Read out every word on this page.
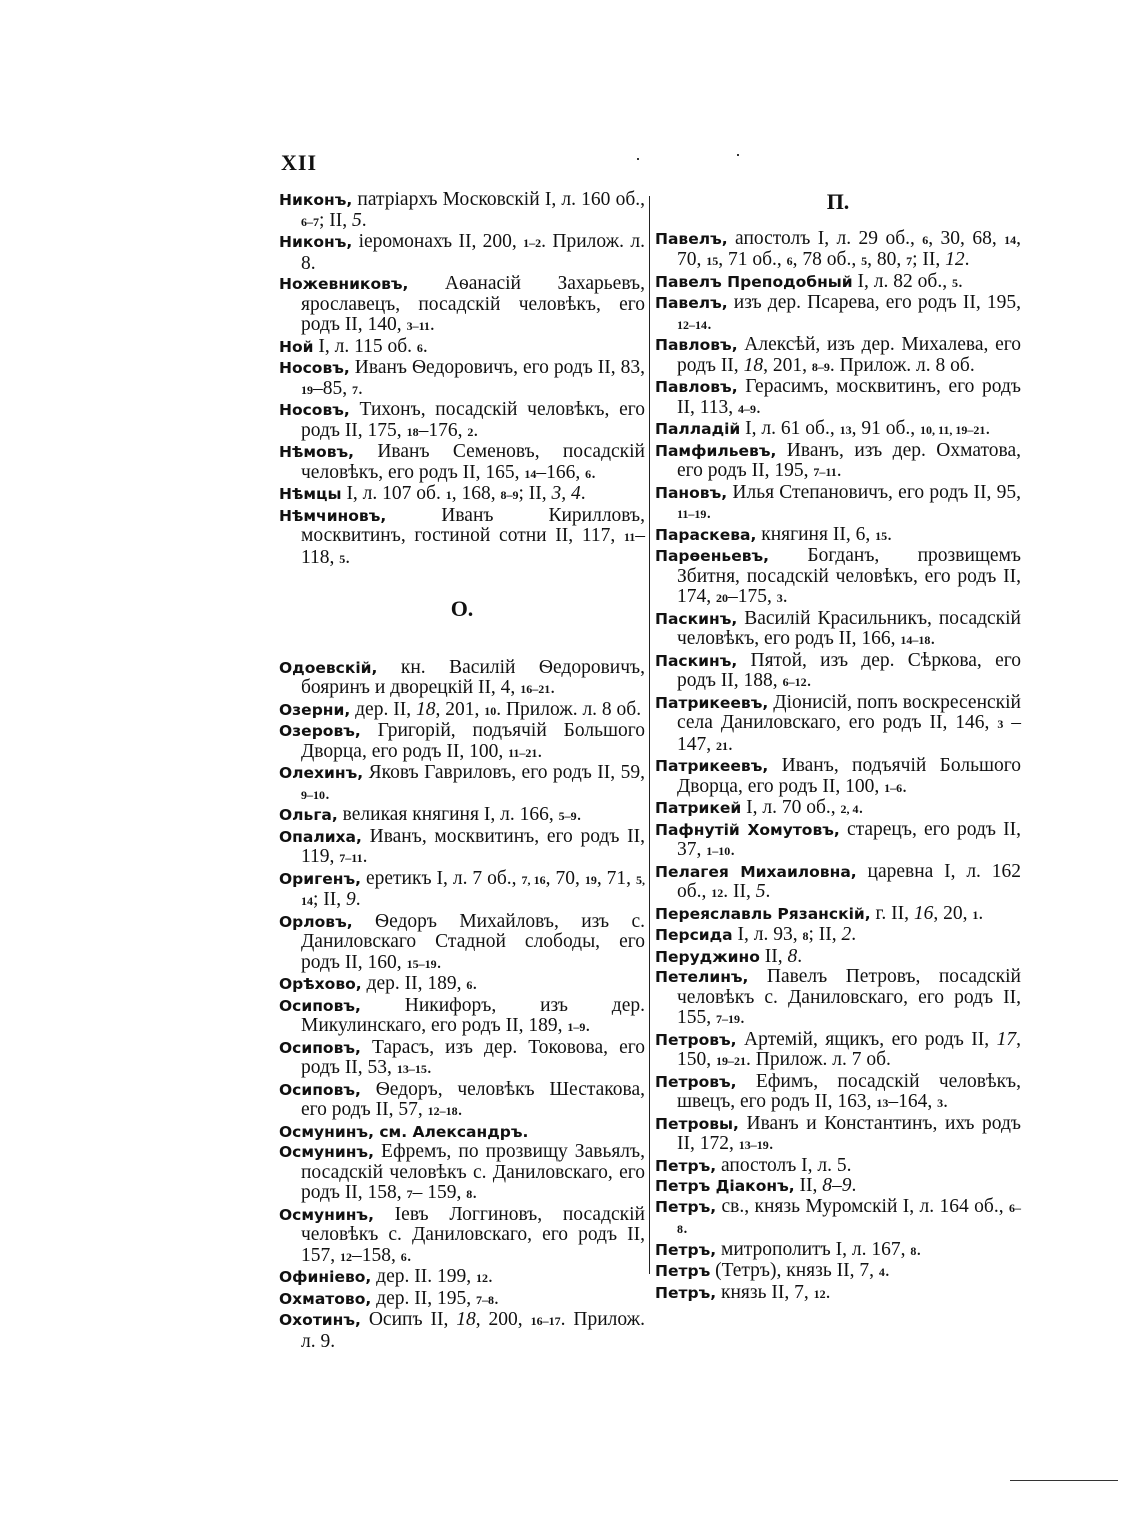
XII

Никонъ, патріархъ Московскій I, л. 160 об., 6–7; II, 5.

Никонъ, іеромонахъ II, 200, 1–2. Прилож. л. 8.

Ножевниковъ, Аѳанасій Захарьевъ, ярославецъ, посадскій человѣкъ, его родъ II, 140, 3–11.

Ной I, л. 115 об. 6.

Носовъ, Иванъ Ѳедоровичъ, его родъ II, 83, 19–85, 7.

Носовъ, Тихонъ, посадскій человѣкъ, его родъ II, 175, 18–176, 2.

Нѣмовъ, Иванъ Семеновъ, посадскій человѣкъ, его родъ II, 165, 14–166, 6.

Нѣмцы I, л. 107 об. 1, 168, 8–9; II, 3, 4.

Нѣмчиновъ, Иванъ Кирилловъ, москвитинъ, гостиной сотни II, 117, 11–118, 5.

О.

Одоевскій, кн. Василій Ѳедоровичъ, бояринъ и дворецкій II, 4, 16–21.

Озерни, дер. II, 18, 201, 10. Прилож. л. 8 об.

Озеровъ, Григорій, подъячій Большого Дворца, его родъ II, 100, 11–21.

Олехинъ, Яковъ Гавриловъ, его родъ II, 59, 9–10.

Ольга, великая княгиня I, л. 166, 5–9.

Опалиха, Иванъ, москвитинъ, его родъ II, 119, 7–11.

Оригенъ, еретикъ I, л. 7 об., 7, 16, 70, 19, 71, 5, 14; II, 9.

Орловъ, Ѳедоръ Михайловъ, изъ с. Даниловскаго Стадной слободы, его родъ II, 160, 15–19.

Орѣхово, дер. II, 189, 6.

Осиповъ, Никифоръ, изъ дер. Микулинскаго, его родъ II, 189, 1–9.

Осиповъ, Тарасъ, изъ дер. Токовова, его родъ II, 53, 13–15.

Осиповъ, Ѳедоръ, человѣкъ Шестакова, его родъ II, 57, 12–18.

Осмунинъ, см. Александръ.

Осмунинъ, Ефремъ, по прозвищу Завьялъ, посадскій человѣкъ с. Даниловскаго, его родъ II, 158, 7– 159, 8.

Осмунинъ, Іевъ Логгиновъ, посадскій человѣкъ с. Даниловскаго, его родъ II, 157, 12–158, 6.

Офиніево, дер. II. 199, 12.

Охматово, дер. II, 195, 7–8.

Охотинъ, Осипъ II, 18, 200, 16–17. Прилож. л. 9.

П.

Павелъ, апостолъ I, л. 29 об., 6, 30, 68, 14, 70, 15, 71 об., 6, 78 об., 5, 80, 7; II, 12.

Павелъ Преподобный I, л. 82 об., 5.

Павелъ, изъ дер. Псарева, его родъ II, 195, 12–14.

Павловъ, Алексѣй, изъ дер. Михалева, его родъ II, 18, 201, 8–9. Прилож. л. 8 об.

Павловъ, Герасимъ, москвитинъ, его родъ II, 113, 4–9.

Палладій I, л. 61 об., 13, 91 об., 10, 11, 19–21.

Памфильевъ, Иванъ, изъ дер. Охматова, его родъ II, 195, 7–11.

Пановъ, Илья Степановичъ, его родъ II, 95, 11–19.

Параскева, княгиня II, 6, 15.

Парѳеньевъ, Богданъ, прозвищемъ Збитня, посадскій человѣкъ, его родъ II, 174, 20–175, 3.

Паскинъ, Василій Красильникъ, посадскій человѣкъ, его родъ II, 166, 14–18.

Паскинъ, Пятой, изъ дер. Сѣркова, его родъ II, 188, 6–12.

Патрикеевъ, Діонисій, попъ воскресенскій села Даниловскаго, его родъ II, 146, 3 – 147, 21.

Патрикеевъ, Иванъ, подъячій Большого Дворца, его родъ II, 100, 1–6.

Патрикей I, л. 70 об., 2, 4.

Пафнутій Хомутовъ, старецъ, его родъ II, 37, 1–10.

Пелагея Михаиловна, царевна I, л. 162 об., 12. II, 5.

Переяславль Рязанскій, г. II, 16, 20, 1.

Персида I, л. 93, 8; II, 2.

Перуджино II, 8.

Петелинъ, Павелъ Петровъ, посадскій человѣкъ с. Даниловскаго, его родъ II, 155, 7–19.

Петровъ, Артемій, ящикъ, его родъ II, 17, 150, 19–21. Прилож. л. 7 об.

Петровъ, Ефимъ, посадскій человѣкъ, швецъ, его родъ II, 163, 13–164, 3.

Петровы, Иванъ и Константинъ, ихъ родъ II, 172, 13–19.

Петръ, апостолъ I, л. 5.

Петръ Діаконъ, II, 8–9.

Петръ, св., князь Муромскій I, л. 164 об., 6–8.

Петръ, митрополитъ I, л. 167, 8.

Петръ (Тетръ), князь II, 7, 4.

Петръ, князь II, 7, 12.
